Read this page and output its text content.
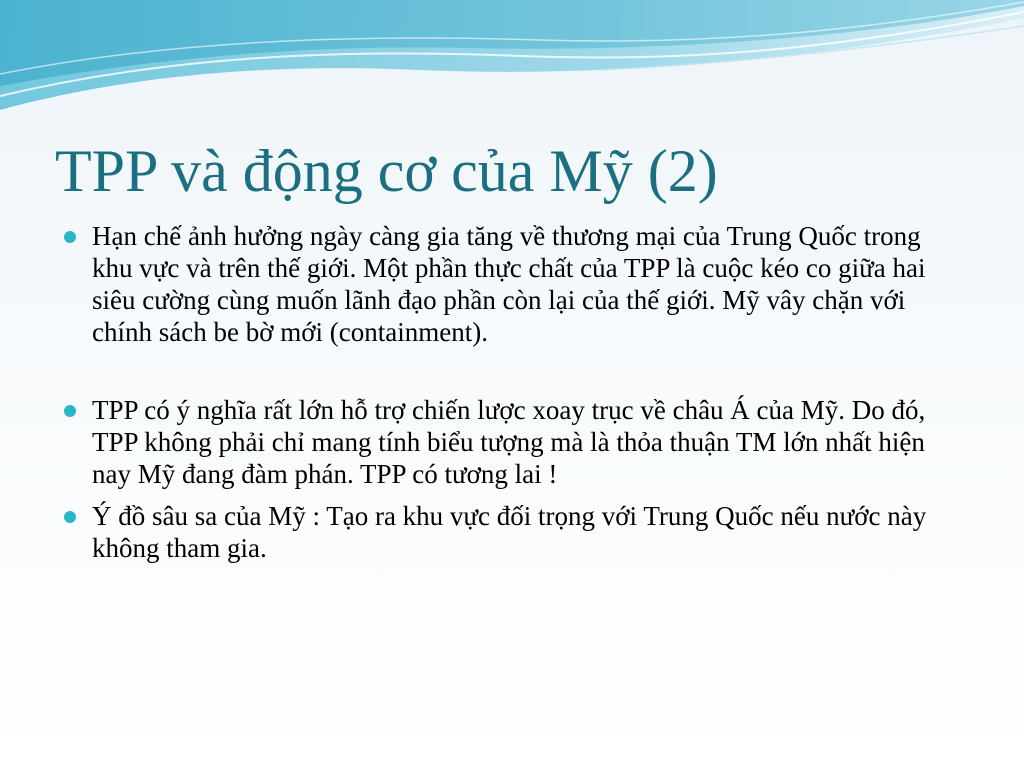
TPP và động cơ của Mỹ (2)
Hạn chế ảnh hưởng ngày càng gia tăng về thương mại của Trung Quốc trong khu vực và trên thế giới. Một phần thực chất của TPP là cuộc kéo co giữa hai siêu cường cùng muốn lãnh đạo phần còn lại của thế giới. Mỹ vây chặn với chính sách be bờ mới (containment).
TPP có ý nghĩa rất lớn hỗ trợ chiến lược xoay trục về châu Á của Mỹ. Do đó, TPP không phải chỉ mang tính biểu tượng mà là thỏa thuận TM lớn nhất hiện nay Mỹ đang đàm phán. TPP có tương lai !
Ý đồ sâu sa của Mỹ : Tạo ra khu vực đối trọng với Trung Quốc nếu nước này không tham gia.
